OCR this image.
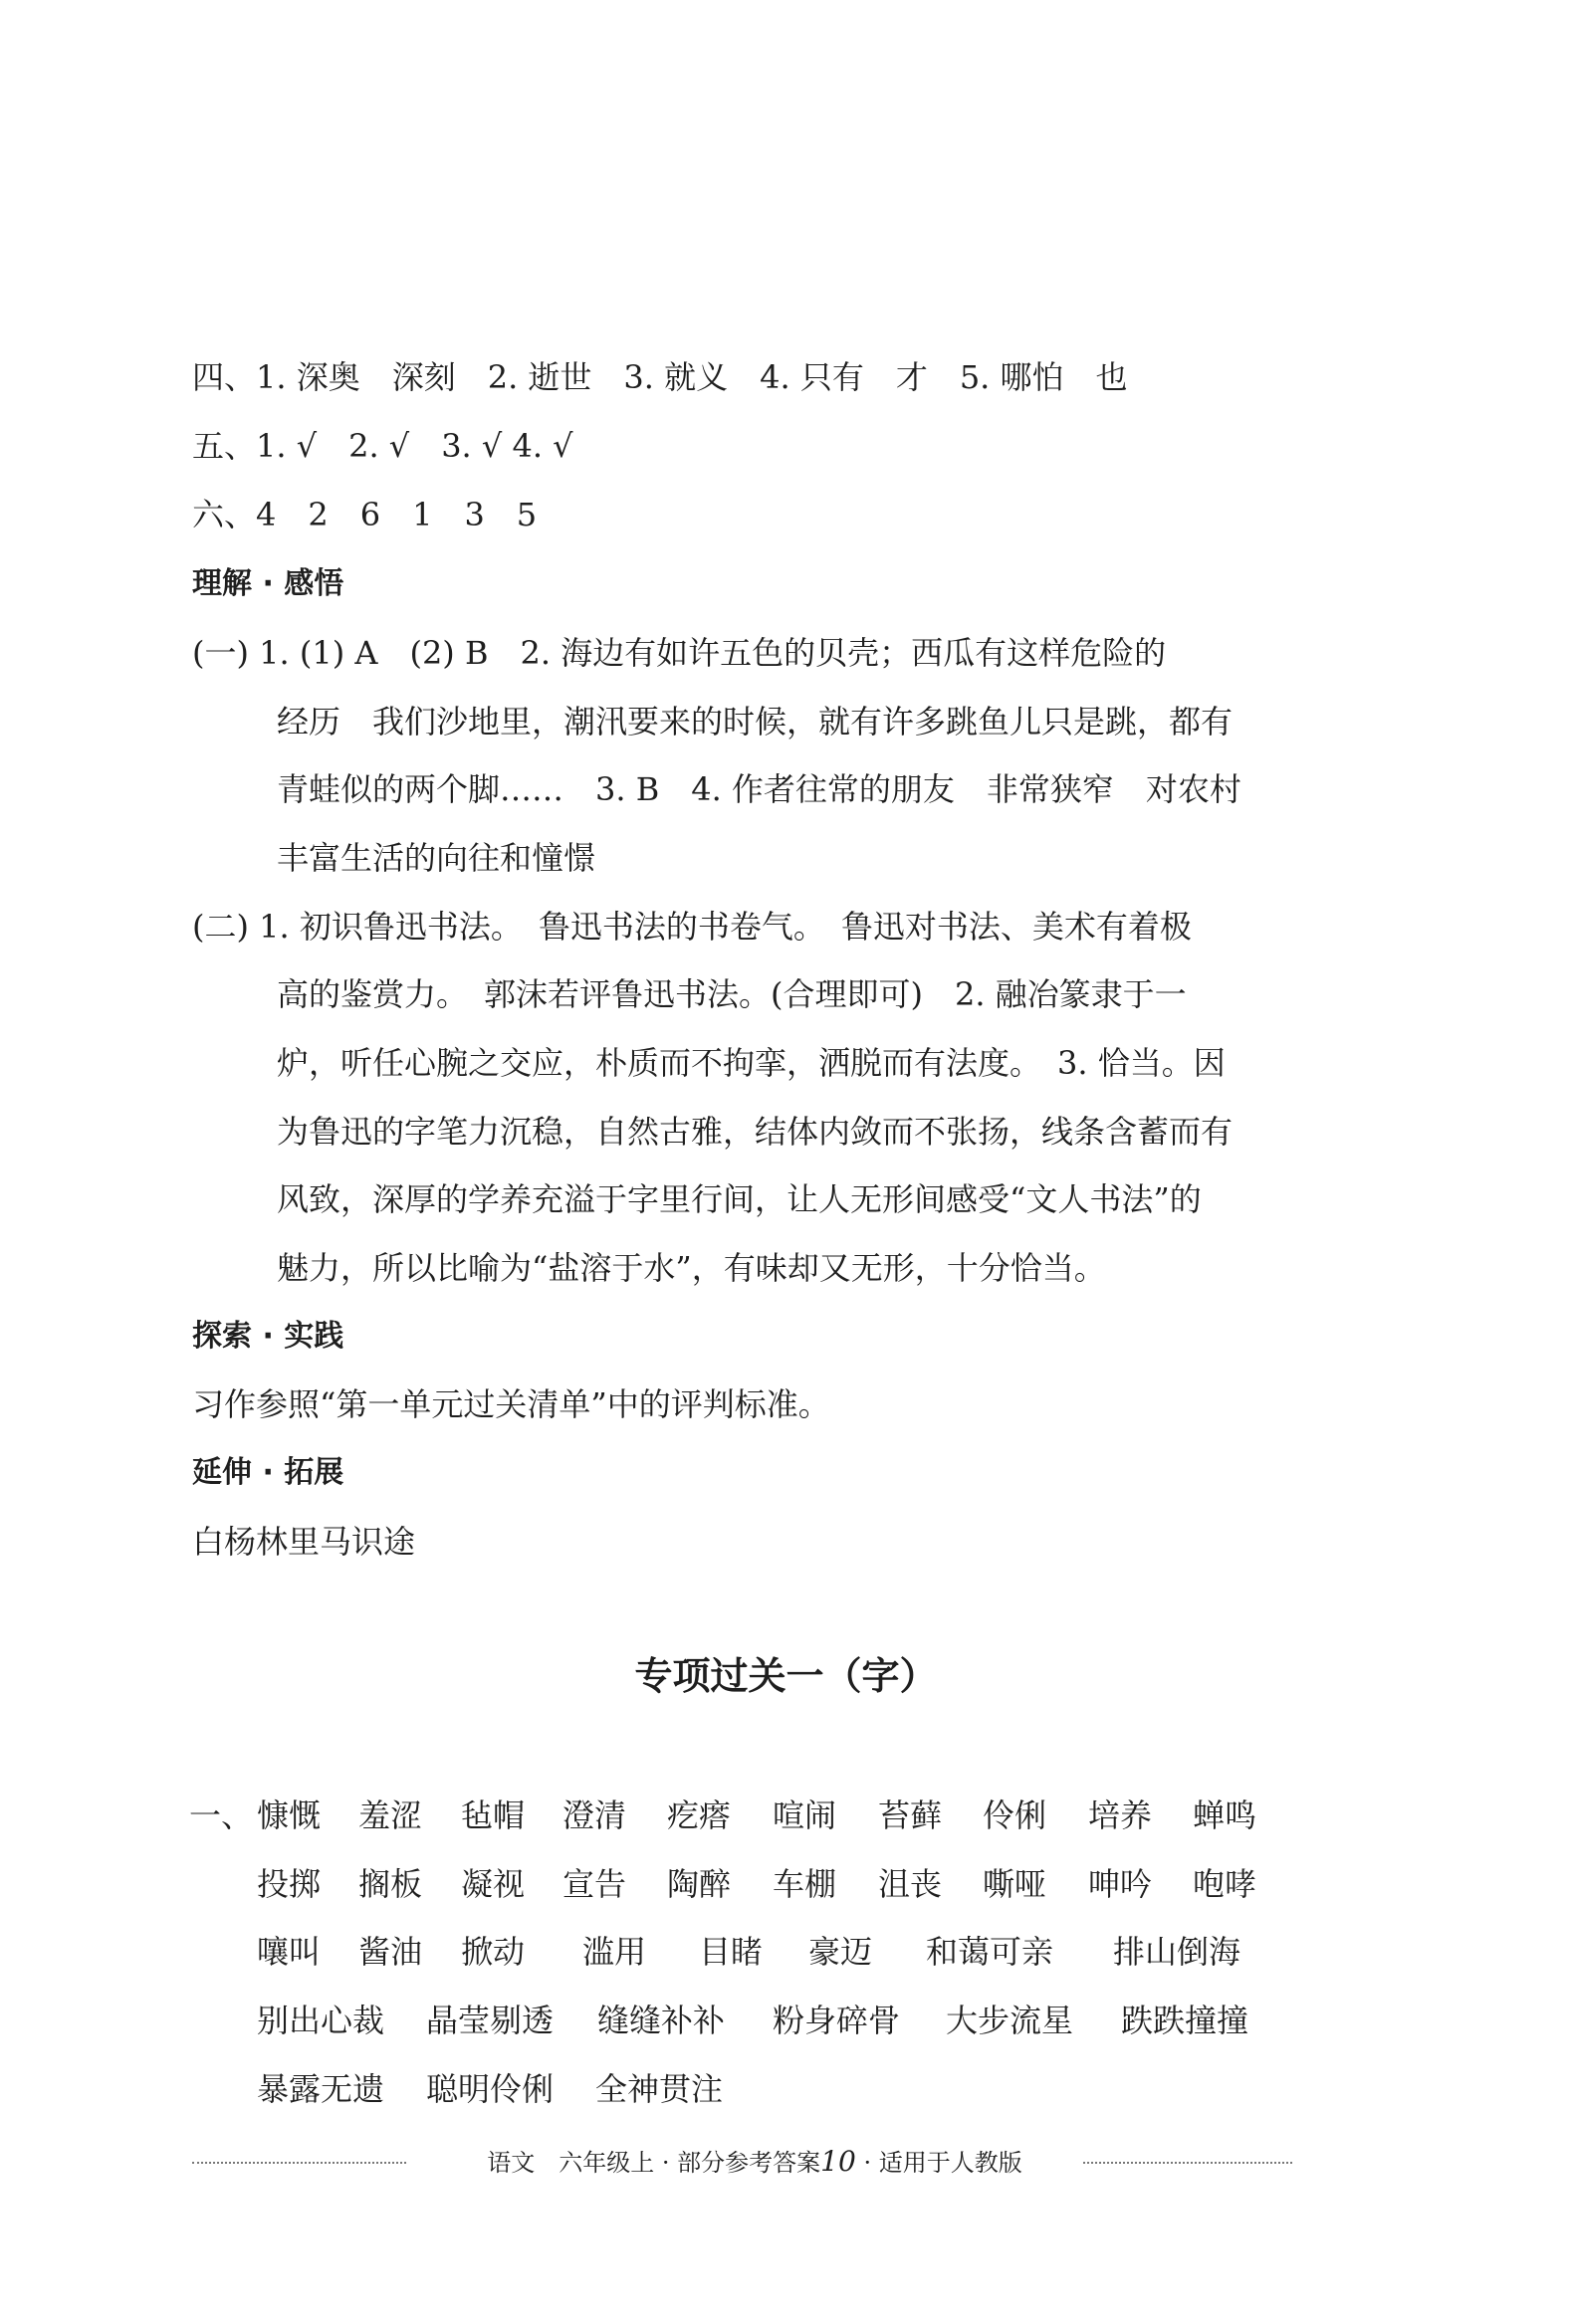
四、1. 深奥　深刻　2. 逝世　3. 就义　4. 只有　才　5. 哪怕　也
五、1. √　2. √　3. √ 4. √
六、4　2　6　1　3　5
理解 · 感悟
(一) 1. (1) A　(2) B　2. 海边有如许五色的贝壳；西瓜有这样危险的
经历　我们沙地里，潮汛要来的时候，就有许多跳鱼儿只是跳，都有
青蛙似的两个脚……　3. B　4. 作者往常的朋友　非常狭窄　对农村
丰富生活的向往和憧憬
(二) 1. 初识鲁迅书法。　鲁迅书法的书卷气。　鲁迅对书法、美术有着极
高的鉴赏力。　郭沫若评鲁迅书法。(合理即可)　2. 融冶篆隶于一
炉，听任心腕之交应，朴质而不拘挛，洒脱而有法度。　3. 恰当。因
为鲁迅的字笔力沉稳，自然古雅，结体内敛而不张扬，线条含蓄而有
风致，深厚的学养充溢于字里行间，让人无形间感受“文人书法”的
魅力，所以比喻为“盐溶于水”，有味却又无形，十分恰当。
探索 · 实践
习作参照“第一单元过关清单”中的评判标准。
延伸 · 拓展
白杨林里马识途
专项过关一（字）
一、 慷慨 羞涩 毡帽 澄清 疙瘩 喧闹 苔藓 伶俐 培养 蝉鸣
投掷 搁板 凝视 宣告 陶醉 车棚 沮丧 嘶哑 呻吟 咆哮
嚷叫 酱油 掀动 滥用 目睹 豪迈 和蔼可亲 排山倒海
别出心裁 晶莹剔透 缝缝补补 粉身碎骨 大步流星 跌跌撞撞
暴露无遗 聪明伶俐 全神贯注
语文　六年级上 · 部分参考答案10 · 适用于人教版
